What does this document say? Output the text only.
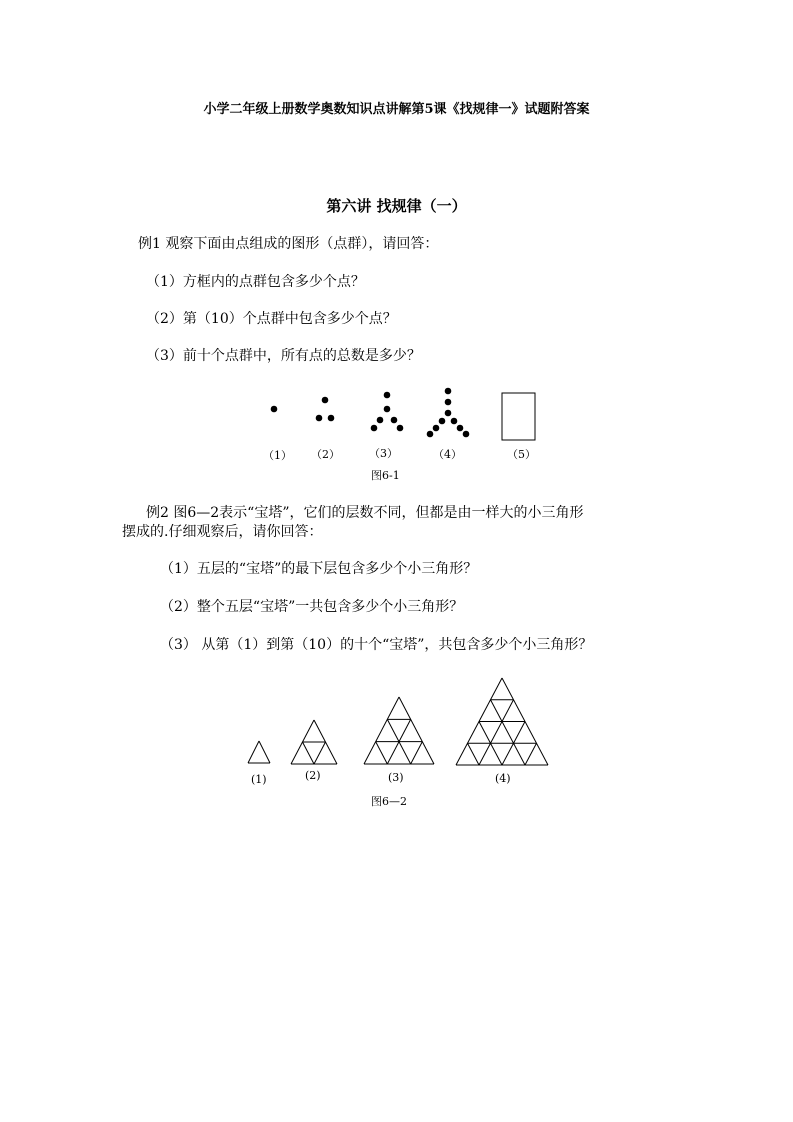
小学二年级上册数学奥数知识点讲解第5课《找规律一》试题附答案
第六讲 找规律（一）
例1 观察下面由点组成的图形（点群），请回答：
（1）方框内的点群包含多少个点？
（2）第（10）个点群中包含多少个点？
（3）前十个点群中，所有点的总数是多少？
（1） （2）	（3）	（4）	（5）
图6-1
例2 图6—2表示“宝塔”，它们的层数不同，但都是由一样大的小三角形
摆成的.仔细观察后，请你回答：
（1）五层的“宝塔”的最下层包含多少个小三角形？
（2）整个五层“宝塔”一共包含多少个小三角形？
（3） 从第（1）到第（10）的十个“宝塔”，共包含多少个小三角形？
(1)	(2)	(3)	(4)
图6—2
